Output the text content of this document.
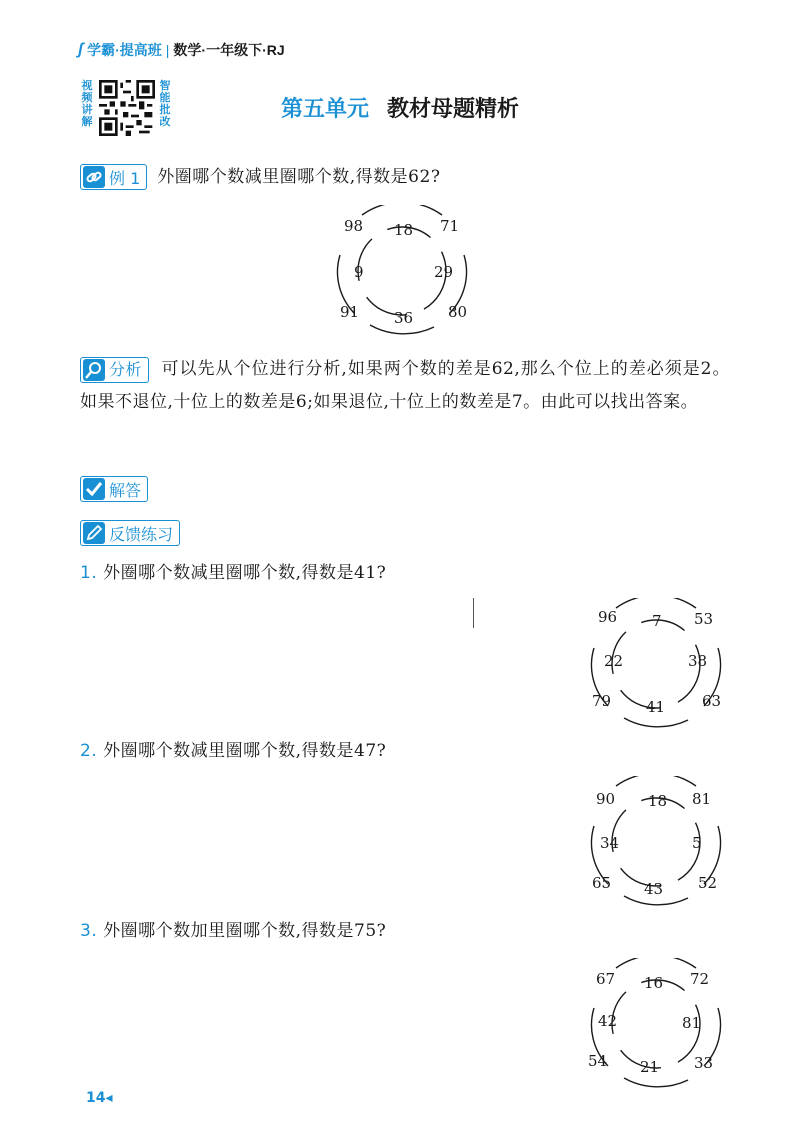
ʃ 学霸·提高班 | 数学·一年级下·RJ
视频讲解
智能批改	第五单元 教材母题精析
例 1 外圈哪个数减里圈哪个数,得数是62?
98	71
80
91
18
29
36
9
分析 可以先从个位进行分析,如果两个数的差是62,那么个位上的差必须是2。如果不退位,十位上的数差是6;如果退位,十位上的数差是7。由此可以找出答案。
解答
反馈练习
1. 外圈哪个数减里圈哪个数,得数是41?
96	53
63
79
7
38
41
22
2. 外圈哪个数减里圈哪个数,得数是47?
90	81
52
65
18
5
43
34
3. 外圈哪个数加里圈哪个数,得数是75?
67	72
33
54
16
81
21
42
14◂
